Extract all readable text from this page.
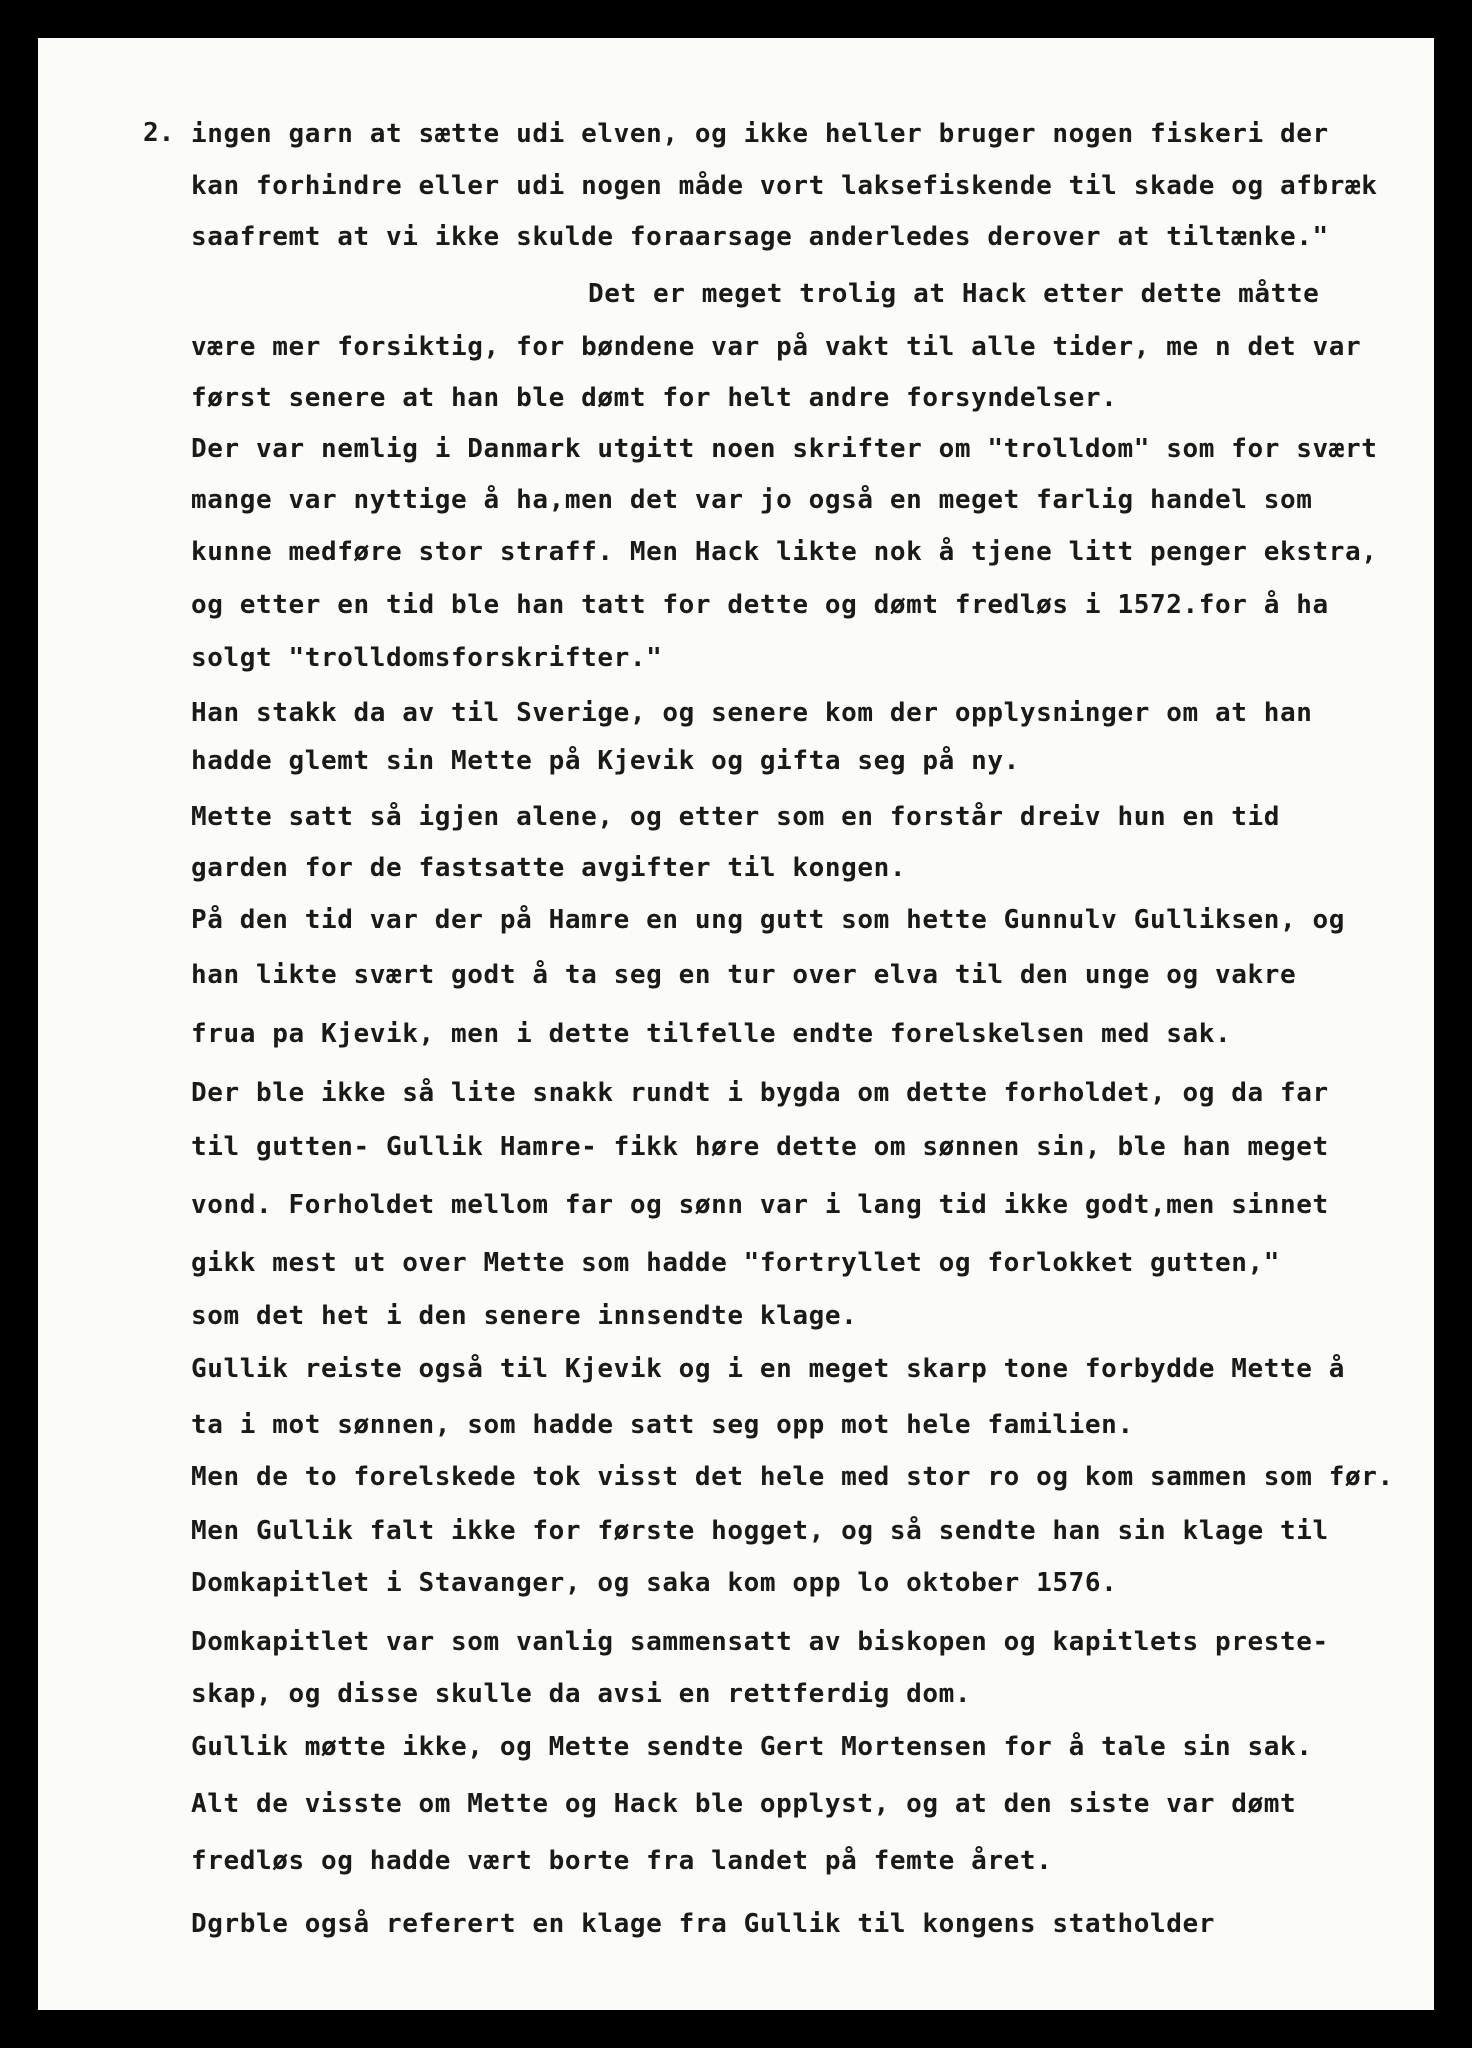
2. ingen garn at sætte udi elven, og ikke heller bruger nogen fiskeri der
kan forhindre eller udi nogen måde vort laksefiskende til skade og afbræk
saafremt at vi ikke skulde foraarsage anderledes derover at tiltænke."
Det er meget trolig at Hack etter dette måtte
være mer forsiktig, for bøndene var på vakt til alle tider, me n det var
først senere at han ble dømt for helt andre forsyndelser.
Der var nemlig i Danmark utgitt noen skrifter om "trolldom" som for svært
mange var nyttige å ha,men det var jo også en meget farlig handel som
kunne medføre stor straff. Men Hack likte nok å tjene litt penger ekstra,
og etter en tid ble han tatt for dette og dømt fredløs i 1572.for å ha
solgt "trolldomsforskrifter."
Han stakk da av til Sverige, og senere kom der opplysninger om at han
hadde glemt sin Mette på Kjevik og gifta seg på ny.
Mette satt så igjen alene, og etter som en forstår dreiv hun en tid
garden for de fastsatte avgifter til kongen.
På den tid var der på Hamre en ung gutt som hette Gunnulv Gulliksen, og
han likte svært godt å ta seg en tur over elva til den unge og vakre
frua pa Kjevik, men i dette tilfelle endte forelskelsen med sak.
Der ble ikke så lite snakk rundt i bygda om dette forholdet, og da far
til gutten- Gullik Hamre- fikk høre dette om sønnen sin, ble han meget
vond. Forholdet mellom far og sønn var i lang tid ikke godt,men sinnet
gikk mest ut over Mette som hadde "fortryllet og forlokket gutten,"
som det het i den senere innsendte klage.
Gullik reiste også til Kjevik og i en meget skarp tone forbydde Mette å
ta i mot sønnen, som hadde satt seg opp mot hele familien.
Men de to forelskede tok visst det hele med stor ro og kom sammen som før.
Men Gullik falt ikke for første hogget, og så sendte han sin klage til
Domkapitlet i Stavanger, og saka kom opp lo oktober 1576.
Domkapitlet var som vanlig sammensatt av biskopen og kapitlets preste-
skap, og disse skulle da avsi en rettferdig dom.
Gullik møtte ikke, og Mette sendte Gert Mortensen for å tale sin sak.
Alt de visste om Mette og Hack ble opplyst, og at den siste var dømt
fredløs og hadde vært borte fra landet på femte året.
Dgrble også referert en klage fra Gullik til kongens statholder
